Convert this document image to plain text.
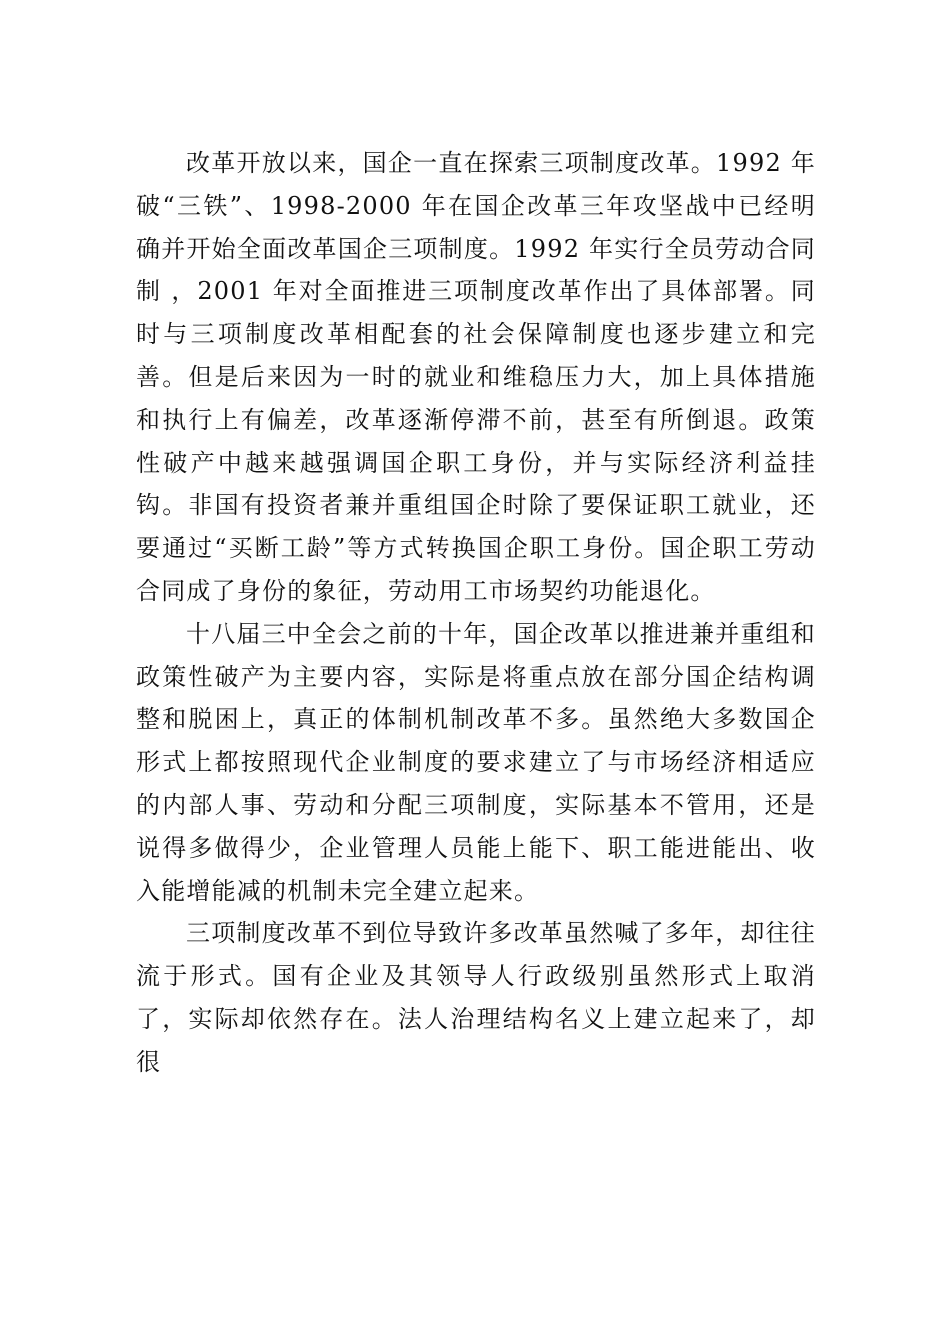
改革开放以来，国企一直在探索三项制度改革。1992 年破“三铁”、1998-2000 年在国企改革三年攻坚战中已经明确并开始全面改革国企三项制度。1992 年实行全员劳动合同制 ，2001 年对全面推进三项制度改革作出了具体部署。同时与三项制度改革相配套的社会保障制度也逐步建立和完善。但是后来因为一时的就业和维稳压力大，加上具体措施和执行上有偏差，改革逐渐停滞不前，甚至有所倒退。政策性破产中越来越强调国企职工身份，并与实际经济利益挂钩。非国有投资者兼并重组国企时除了要保证职工就业，还要通过“买断工龄”等方式转换国企职工身份。国企职工劳动合同成了身份的象征，劳动用工市场契约功能退化。

十八届三中全会之前的十年，国企改革以推进兼并重组和政策性破产为主要内容，实际是将重点放在部分国企结构调整和脱困上，真正的体制机制改革不多。虽然绝大多数国企形式上都按照现代企业制度的要求建立了与市场经济相适应的内部人事、劳动和分配三项制度，实际基本不管用，还是说得多做得少，企业管理人员能上能下、职工能进能出、收入能增能减的机制未完全建立起来。

三项制度改革不到位导致许多改革虽然喊了多年，却往往流于形式。国有企业及其领导人行政级别虽然形式上取消了，实际却依然存在。法人治理结构名义上建立起来了，却很
